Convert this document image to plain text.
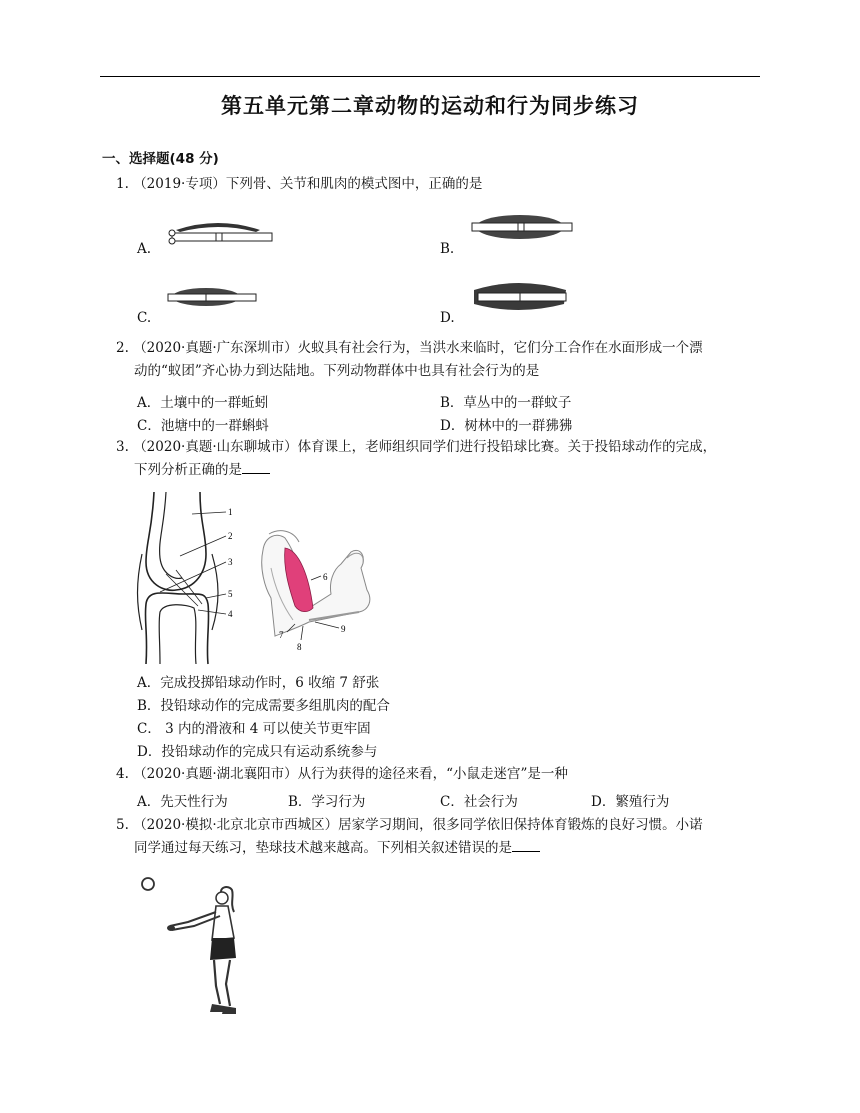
第五单元第二章动物的运动和行为同步练习
一、选择题(48 分)
1. （2019·专项）下列骨、关节和肌肉的模式图中，正确的是
A.	B.
C.	D.
2. （2020·真题·广东深圳市）火蚁具有社会行为，当洪水来临时，它们分工合作在水面形成一个漂
动的“蚁团”齐心协力到达陆地。下列动物群体中也具有社会行为的是
A．土壤中的一群蚯蚓	B．草丛中的一群蚊子
C．池塘中的一群蝌蚪	D．树林中的一群狒狒
3. （2020·真题·山东聊城市）体育课上，老师组织同学们进行投铅球比赛。关于投铅球动作的完成，
下列分析正确的是
1
2
3
5
4
6
7
8
9
A．完成投掷铅球动作时，6 收缩 7 舒张
B．投铅球动作的完成需要多组肌肉的配合
C． 3 内的滑液和 4 可以使关节更牢固
D．投铅球动作的完成只有运动系统参与
4. （2020·真题·湖北襄阳市）从行为获得的途径来看，“小鼠走迷宫”是一种
A．先天性行为	B．学习行为	C．社会行为	D．繁殖行为
5. （2020·模拟·北京北京市西城区）居家学习期间，很多同学依旧保持体育锻炼的良好习惯。小诺
同学通过每天练习，垫球技术越来越高。下列相关叙述错误的是
